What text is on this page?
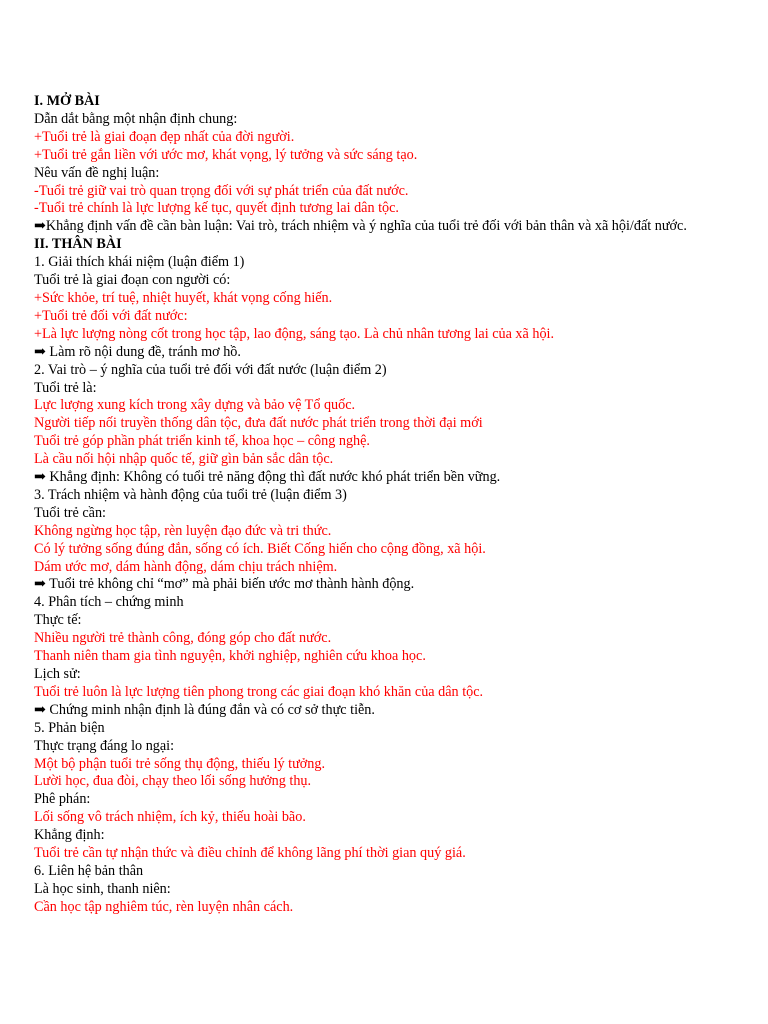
I. MỞ BÀI
Dẫn dắt bằng một nhận định chung:
+Tuổi trẻ là giai đoạn đẹp nhất của đời người.
+Tuổi trẻ gắn liền với ước mơ, khát vọng, lý tưởng và sức sáng tạo.
Nêu vấn đề nghị luận:
-Tuổi trẻ giữ vai trò quan trọng đối với sự phát triển của đất nước.
-Tuổi trẻ chính là lực lượng kế tục, quyết định tương lai dân tộc.
➡Khẳng định vấn đề cần bàn luận: Vai trò, trách nhiệm và ý nghĩa của tuổi trẻ đối với bản thân và xã hội/đất nước.
II. THÂN BÀI
1. Giải thích khái niệm (luận điểm 1)
Tuổi trẻ là giai đoạn con người có:
+Sức khỏe, trí tuệ, nhiệt huyết, khát vọng cống hiến.
+Tuổi trẻ đối với đất nước:
+Là lực lượng nòng cốt trong học tập, lao động, sáng tạo. Là chủ nhân tương lai của xã hội.
➡ Làm rõ nội dung đề, tránh mơ hồ.
2. Vai trò – ý nghĩa của tuổi trẻ đối với đất nước (luận điểm 2)
Tuổi trẻ là:
Lực lượng xung kích trong xây dựng và bảo vệ Tổ quốc.
Người tiếp nối truyền thống dân tộc, đưa đất nước phát triển trong thời đại mới
Tuổi trẻ góp phần phát triển kinh tế, khoa học – công nghệ.
Là cầu nối hội nhập quốc tế, giữ gìn bản sắc dân tộc.
➡ Khẳng định: Không có tuổi trẻ năng động thì đất nước khó phát triển bền vững.
3. Trách nhiệm và hành động của tuổi trẻ (luận điểm 3)
Tuổi trẻ cần:
Không ngừng học tập, rèn luyện đạo đức và tri thức.
Có lý tưởng sống đúng đắn, sống có ích. Biết Cống hiến cho cộng đồng, xã hội.
Dám ước mơ, dám hành động, dám chịu trách nhiệm.
➡ Tuổi trẻ không chỉ “mơ” mà phải biến ước mơ thành hành động.
4. Phân tích – chứng minh
Thực tế:
Nhiều người trẻ thành công, đóng góp cho đất nước.
Thanh niên tham gia tình nguyện, khởi nghiệp, nghiên cứu khoa học.
Lịch sử:
Tuổi trẻ luôn là lực lượng tiên phong trong các giai đoạn khó khăn của dân tộc.
➡ Chứng minh nhận định là đúng đắn và có cơ sở thực tiễn.
5. Phản biện
Thực trạng đáng lo ngại:
Một bộ phận tuổi trẻ sống thụ động, thiếu lý tưởng.
Lười học, đua đòi, chạy theo lối sống hưởng thụ.
Phê phán:
Lối sống vô trách nhiệm, ích kỷ, thiếu hoài bão.
Khẳng định:
Tuổi trẻ cần tự nhận thức và điều chỉnh để không lãng phí thời gian quý giá.
6. Liên hệ bản thân
Là học sinh, thanh niên:
Cần học tập nghiêm túc, rèn luyện nhân cách.
